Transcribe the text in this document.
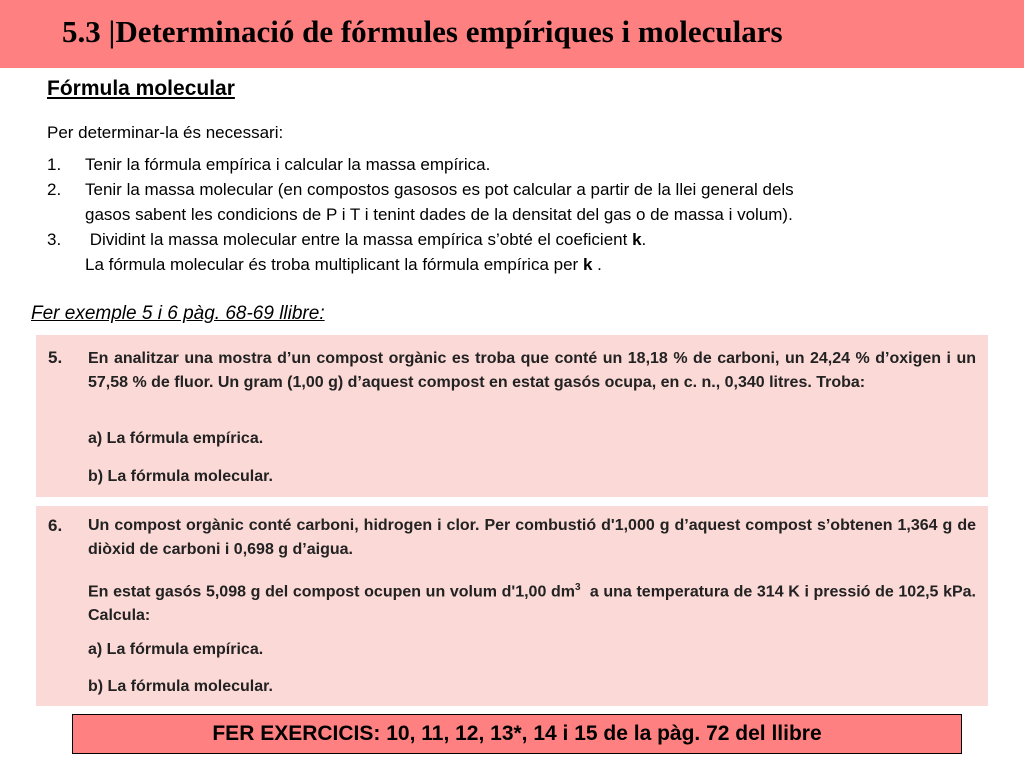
5.3 |Determinació de fórmules empíriques i moleculars
Fórmula molecular
Per determinar-la és necessari:
1. Tenir la fórmula empírica i calcular la massa empírica.
2. Tenir la massa molecular (en compostos gasosos es pot calcular a partir de la llei general dels
gasos sabent les condicions de P i T i tenint dades de la densitat del gas o de massa i volum).
3. Dividint la massa molecular entre la massa empírica s’obté el coeficient k.
La fórmula molecular és troba multiplicant la fórmula empírica per k .
Fer exemple 5 i 6 pàg. 68-69 llibre:
5. En analitzar una mostra d’un compost orgànic es troba que conté un 18,18 % de carboni, un 24,24 % d’oxigen i un 57,58 % de fluor. Un gram (1,00 g) d’aquest compost en estat gasós ocupa, en c. n., 0,340 litres. Troba:
a) La fórmula empírica.
b) La fórmula molecular.
6. Un compost orgànic conté carboni, hidrogen i clor. Per combustió d'1,000 g d’aquest compost s’obtenen 1,364 g de diòxid de carboni i 0,698 g d’aigua.
En estat gasós 5,098 g del compost ocupen un volum d'1,00 $dm^3$  a una temperatura de 314 K i pressió de 102,5 kPa. Calcula:
a) La fórmula empírica.
b) La fórmula molecular.
FER EXERCICIS: 10, 11, 12, 13*, 14 i 15 de la pàg. 72 del llibre
